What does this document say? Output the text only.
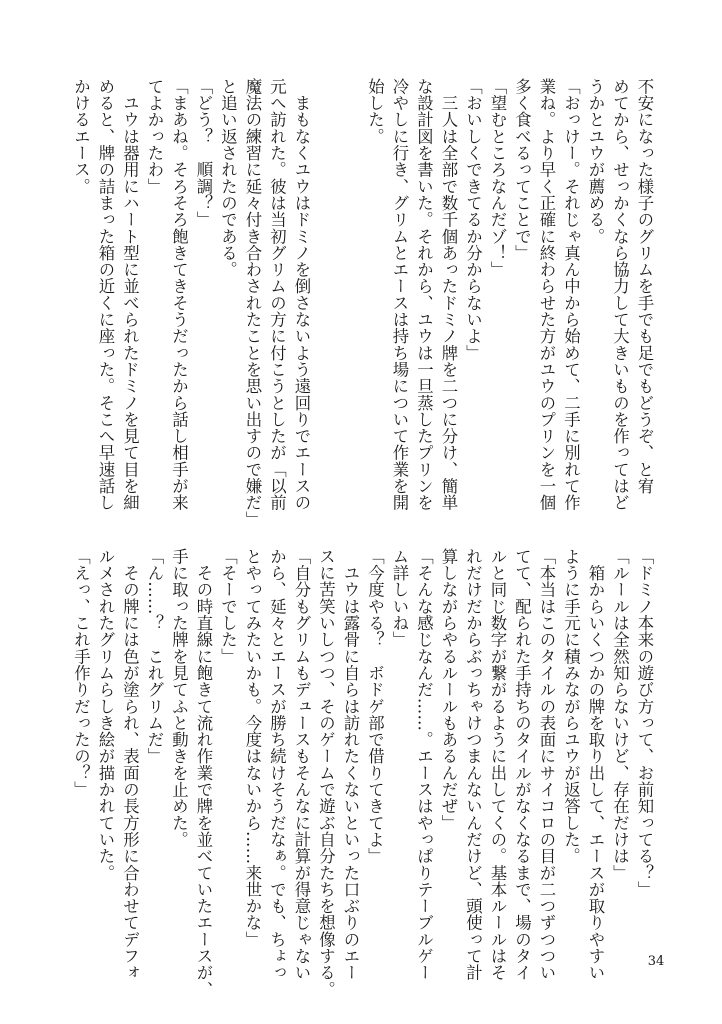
不安になった様子のグリムを手でも足でもどうぞ、と宥
めてから、せっかくなら協力して大きいものを作ってはど
うかとユウが薦める。
「おっけー。それじゃ真ん中から始めて、二手に別れて作
業ね。より早く正確に終わらせた方がユウのプリンを一個
多く食べるってことで」
「望むところなんだゾ！」
「おいしくできてるか分からないよ」
　三人は全部で数千個あったドミノ牌を二つに分け、簡単
な設計図を書いた。それから、ユウは一旦蒸したプリンを
冷やしに行き、グリムとエースは持ち場について作業を開
始した。
　まもなくユウはドミノを倒さないよう遠回りでエースの
元へ訪れた。彼は当初グリムの方に付こうとしたが「以前
魔法の練習に延々付き合わされたことを思い出すので嫌だ」
と追い返されたのである。
「どう？　順調？」
「まあね。そろそろ飽きてきそうだったから話し相手が来
てよかったわ」
　ユウは器用にハート型に並べられたドミノを見て目を細
めると、牌の詰まった箱の近くに座った。そこへ早速話し
かけるエース。
「ドミノ本来の遊び方って、お前知ってる？」
「ルールは全然知らないけど、存在だけは」
　箱からいくつかの牌を取り出して、エースが取りやすい
ように手元に積みながらユウが返答した。
「本当はこのタイルの表面にサイコロの目が二つずつつい
てて、配られた手持ちのタイルがなくなるまで、場のタイ
ルと同じ数字が繋がるように出してくの。基本ルールはそ
れだけだからぶっちゃけつまんないんだけど、頭使って計
算しながらやるルールもあるんだぜ」
「そんな感じなんだ……。エースはやっぱりテーブルゲー
ム詳しいね」
「今度やる？　ボドゲ部で借りてきてよ」
　ユウは露骨に自らは訪れたくないといった口ぶりのエー
スに苦笑いしつつ、そのゲームで遊ぶ自分たちを想像する。
「自分もグリムもデュースもそんなに計算が得意じゃない
から、延々とエースが勝ち続けそうだなぁ。でも、ちょっ
とやってみたいかも。今度はないから……来世かな」
「そーでした」
　その時直線に飽きて流れ作業で牌を並べていたエースが、
手に取った牌を見てふと動きを止めた。
「ん……？　これグリムだ」
　その牌には色が塗られ、表面の長方形に合わせてデフォ
ルメされたグリムらしき絵が描かれていた。
「えっ、これ手作りだったの？」
34
